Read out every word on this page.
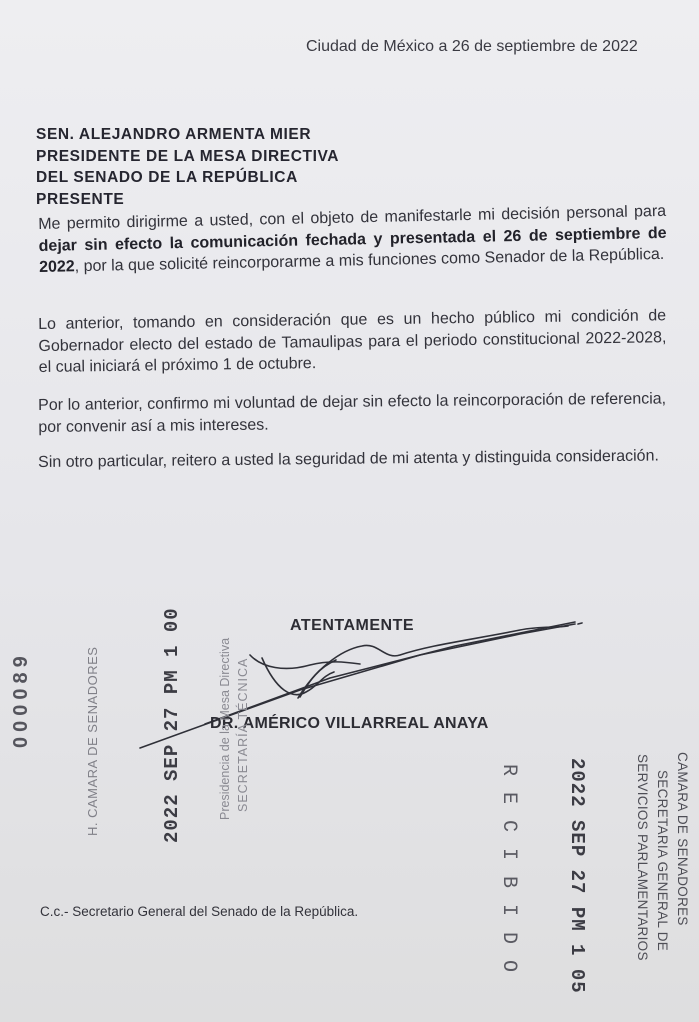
Ciudad de México a 26 de septiembre de 2022
SEN. ALEJANDRO ARMENTA MIER
PRESIDENTE DE LA MESA DIRECTIVA
DEL SENADO DE LA REPÚBLICA
PRESENTE
Me permito dirigirme a usted, con el objeto de manifestarle mi decisión personal para dejar sin efecto la comunicación fechada y presentada el 26 de septiembre de 2022, por la que solicité reincorporarme a mis funciones como Senador de la República.
Lo anterior, tomando en consideración que es un hecho público mi condición de Gobernador electo del estado de Tamaulipas para el periodo constitucional 2022-2028, el cual iniciará el próximo 1 de octubre.
Por lo anterior, confirmo mi voluntad de dejar sin efecto la reincorporación de referencia, por convenir así a mis intereses.
Sin otro particular, reitero a usted la seguridad de mi atenta y distinguida consideración.
ATENTAMENTE
DR. AMÉRICO VILLARREAL ANAYA
000089	H. CAMARA DE SENADORES	2022 SEP 27 PM 1 00	Presidencia de la Mesa Directiva SECRETARÍA TÉCNICA
CAMARA DE SENADORES
SECRETARIA GENERAL DE
SERVICIOS PARLAMENTARIOS
2022 SEP 27 PM 1 05
RECIBIDO
C.c.- Secretario General del Senado de la República.
